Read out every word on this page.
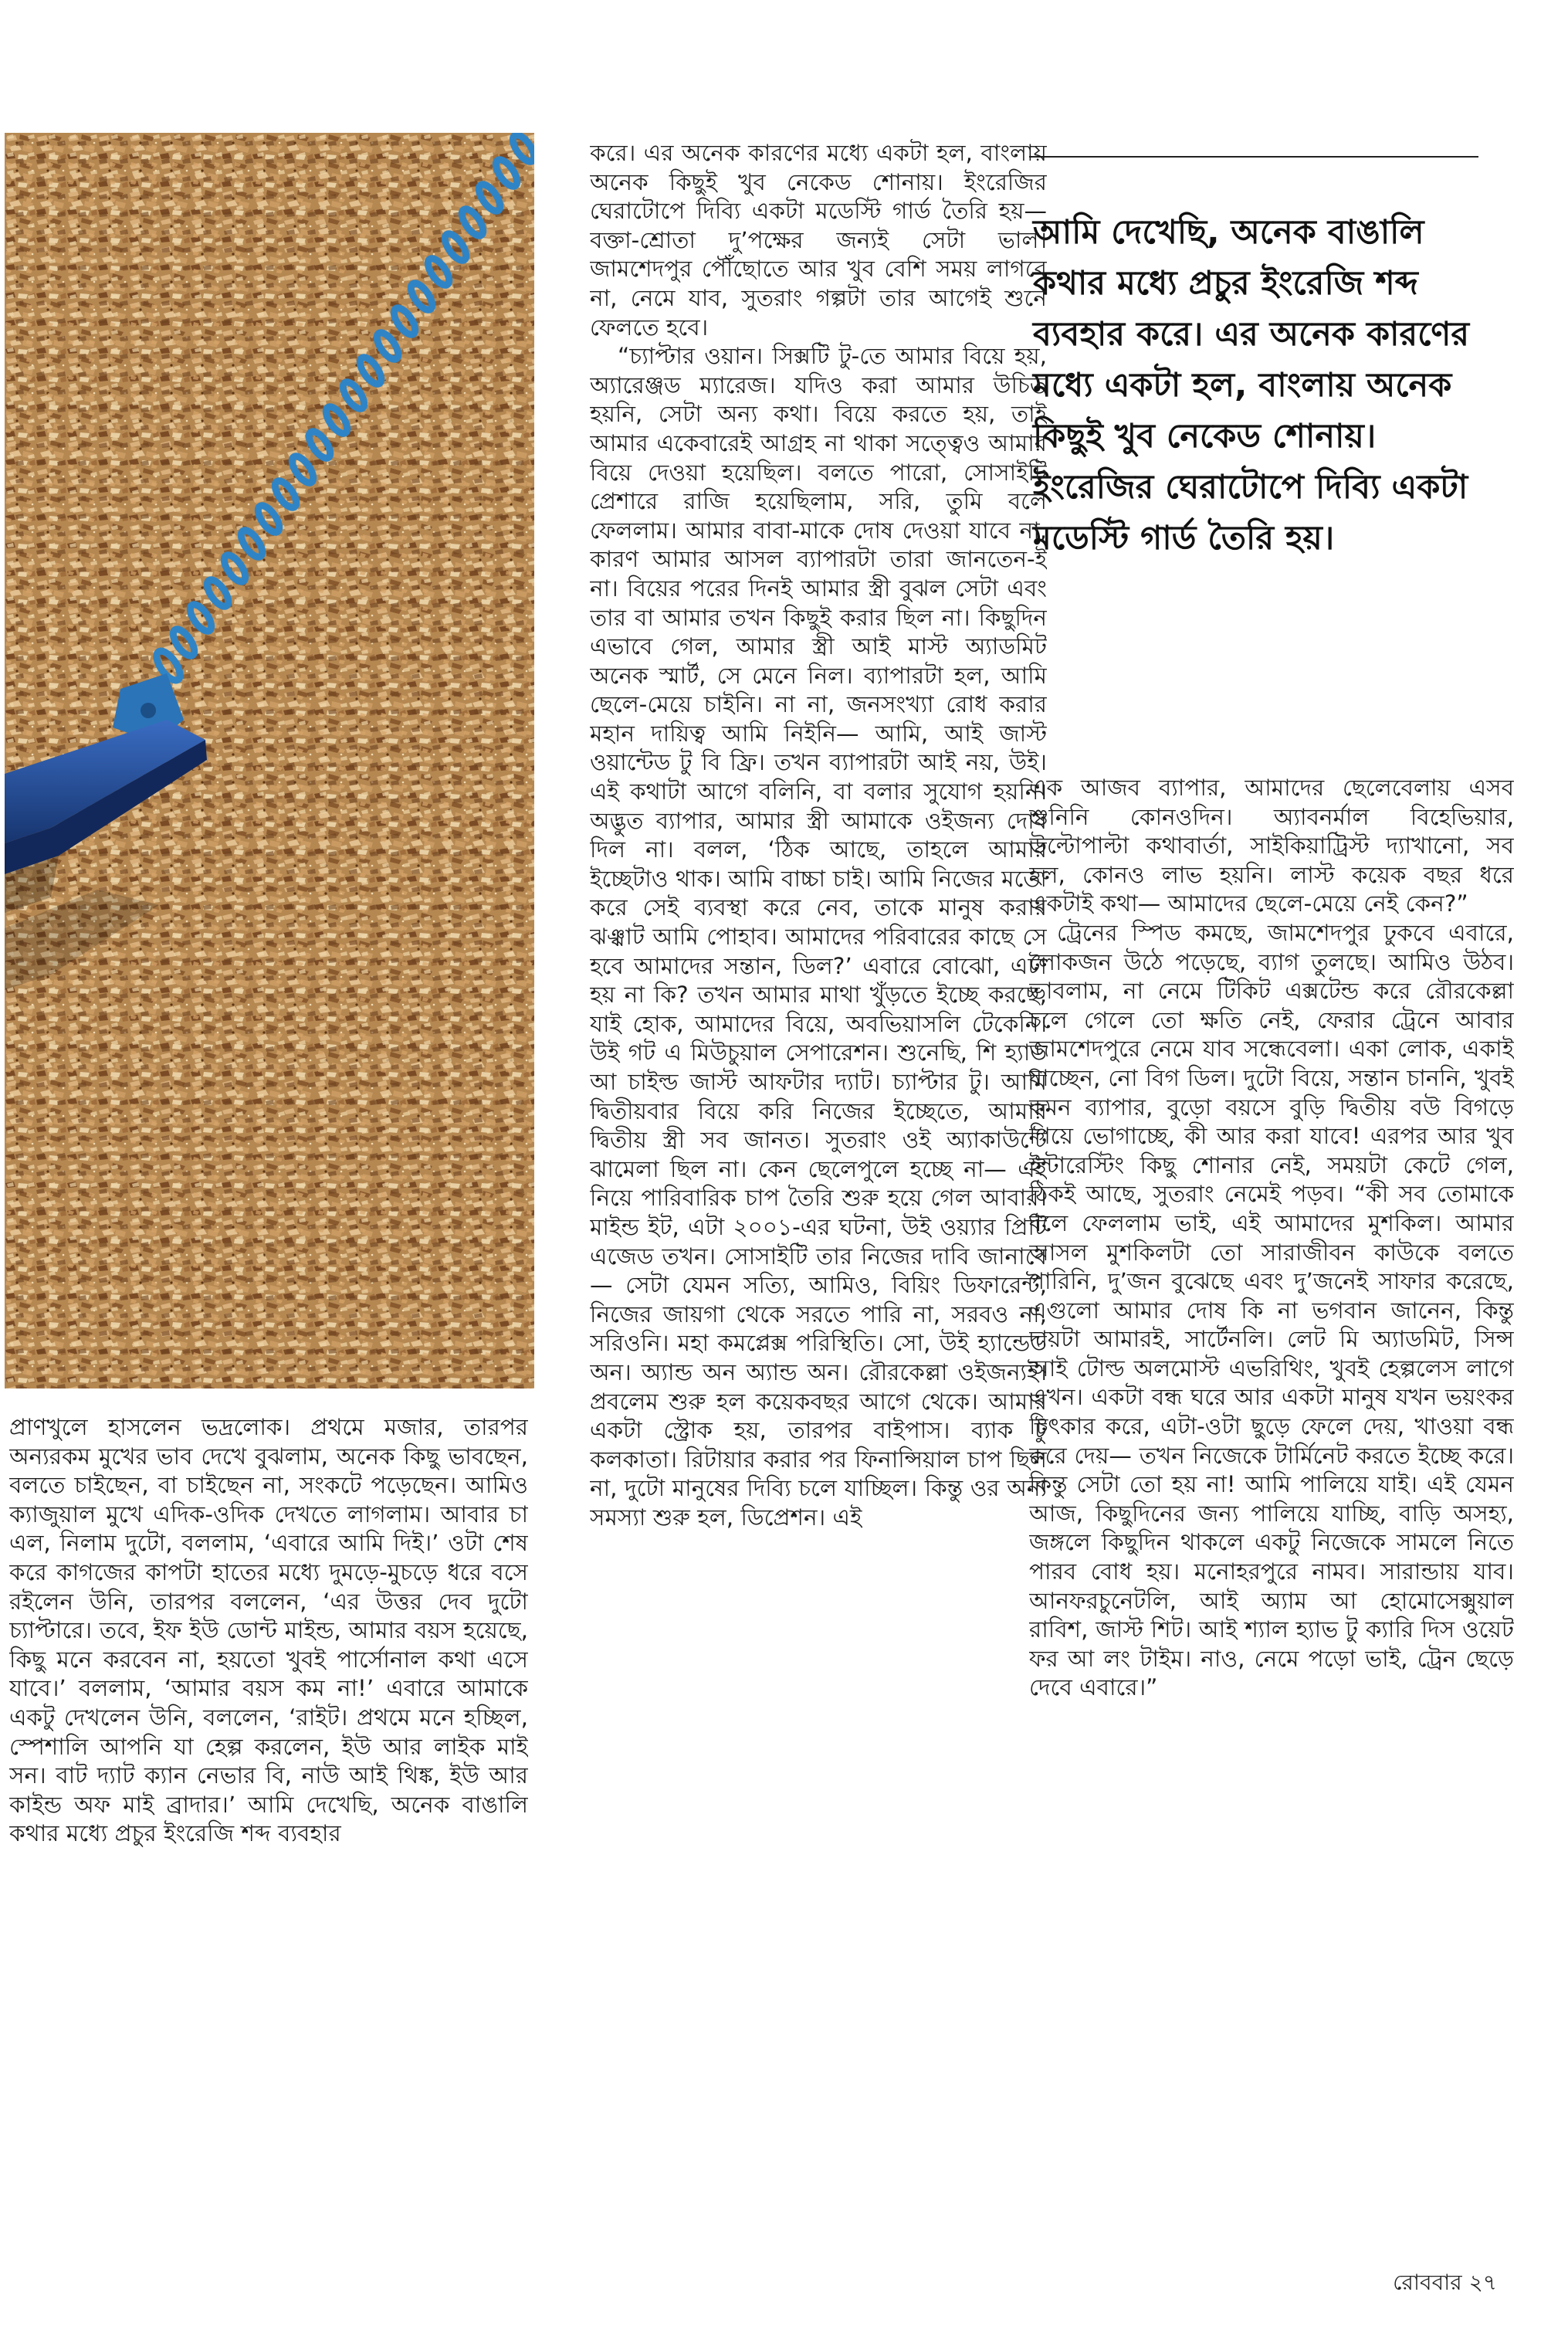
আমি দেখেছি, অনেক বাঙালি কথার মধ্যে প্রচুর ইংরেজি শব্দ ব্যবহার করে। এর অনেক কারণের মধ্যে একটা হল, বাংলায় অনেক কিছুই খুব নেকেড শোনায়। ইংরেজির ঘেরাটোপে দিব্যি একটা মডেস্টি গার্ড তৈরি হয়।

প্রাণখুলে হাসলেন ভদ্রলোক। প্রথমে মজার, তারপর অন্যরকম মুখের ভাব দেখে বুঝলাম, অনেক কিছু ভাবছেন, বলতে চাইছেন, বা চাইছেন না, সংকটে পড়েছেন। আমিও ক্যাজুয়াল মুখে এদিক-ওদিক দেখতে লাগলাম। আবার চা এল, নিলাম দুটো, বললাম, ‘এবারে আমি দিই।’ ওটা শেষ করে কাগজের কাপটা হাতের মধ্যে দুমড়ে-মুচড়ে ধরে বসে রইলেন উনি, তারপর বললেন, ‘এর উত্তর দেব দুটো চ্যাপ্টারে। তবে, ইফ ইউ ডোন্ট মাইন্ড, আমার বয়স হয়েছে, কিছু মনে করবেন না, হয়তো খুবই পার্সোনাল কথা এসে যাবে।’ বললাম, ‘আমার বয়স কম না!’ এবারে আমাকে একটু দেখলেন উনি, বললেন, ‘রাইট। প্রথমে মনে হচ্ছিল, স্পেশালি আপনি যা হেল্প করলেন, ইউ আর লাইক মাই সন। বাট দ্যাট ক্যান নেভার বি, নাউ আই থিঙ্ক, ইউ আর কাইন্ড অফ মাই ব্রাদার।’ আমি দেখেছি, অনেক বাঙালি কথার মধ্যে প্রচুর ইংরেজি শব্দ ব্যবহার

করে। এর অনেক কারণের মধ্যে একটা হল, বাংলায় অনেক কিছুই খুব নেকেড শোনায়। ইংরেজির ঘেরাটোপে দিব্যি একটা মডেস্টি গার্ড তৈরি হয়— বক্তা-শ্রোতা দু’পক্ষের জন্যই সেটা ভাল। জামশেদপুর পৌঁছোতে আর খুব বেশি সময় লাগবে না, নেমে যাব, সুতরাং গল্পটা তার আগেই শুনে ফেলতে হবে।

“চ্যাপ্টার ওয়ান। সিক্সটি টু-তে আমার বিয়ে হয়, অ্যারেঞ্জড ম্যারেজ। যদিও করা আমার উচিত হয়নি, সেটা অন্য কথা। বিয়ে করতে হয়, তাই আমার একেবারেই আগ্রহ না থাকা সত্ত্বেও আমার বিয়ে দেওয়া হয়েছিল। বলতে পারো, সোসাইটি প্রেশারে রাজি হয়েছিলাম, সরি, তুমি বলে ফেললাম। আমার বাবা-মাকে দোষ দেওয়া যাবে না, কারণ আমার আসল ব্যাপারটা তারা জানতেন-ই না। বিয়ের পরের দিনই আমার স্ত্রী বুঝল সেটা এবং তার বা আমার তখন কিছুই করার ছিল না। কিছুদিন এভাবে গেল, আমার স্ত্রী আই মাস্ট অ্যাডমিট অনেক স্মার্ট, সে মেনে নিল। ব্যাপারটা হল, আমি ছেলে-মেয়ে চাইনি। না না, জনসংখ্যা রোধ করার মহান দায়িত্ব আমি নিইনি— আমি, আই জাস্ট ওয়ান্টেড টু বি ফ্রি। তখন ব্যাপারটা আই নয়, উই। এই কথাটা আগে বলিনি, বা বলার সুযোগ হয়নি। অদ্ভুত ব্যাপার, আমার স্ত্রী আমাকে ওইজন্য দোষ দিল না। বলল, ‘ঠিক আছে, তাহলে আমার ইচ্ছেটাও থাক। আমি বাচ্চা চাই। আমি নিজের মতো করে সেই ব্যবস্থা করে নেব, তাকে মানুষ করার ঝঞ্ঝাট আমি পোহাব। আমাদের পরিবারের কাছে সে হবে আমাদের সন্তান, ডিল?’ এবারে বোঝো, এটা হয় না কি? তখন আমার মাথা খুঁড়তে ইচ্ছে করছে, যাই হোক, আমাদের বিয়ে, অবভিয়াসলি টেকেনি। উই গট এ মিউচুয়াল সেপারেশন। শুনেছি, শি হ্যাড আ চাইল্ড জাস্ট আফটার দ্যাট। চ্যাপ্টার টু। আমি দ্বিতীয়বার বিয়ে করি নিজের ইচ্ছেতে, আমার দ্বিতীয় স্ত্রী সব জানত। সুতরাং ওই অ্যাকাউন্টে ঝামেলা ছিল না। কেন ছেলেপুলে হচ্ছে না— এই নিয়ে পারিবারিক চাপ তৈরি শুরু হয়ে গেল আবার। মাইন্ড ইট, এটা ২০০১-এর ঘটনা, উই ওয়্যার প্রিটি এজেড তখন। সোসাইটি তার নিজের দাবি জানাবে— সেটা যেমন সত্যি, আমিও, বিয়িং ডিফারেন্ট, নিজের জায়গা থেকে সরতে পারি না, সরবও না, সরিওনি। মহা কমপ্লেক্স পরিস্থিতি। সো, উই হ্যান্ডেড অন। অ্যান্ড অন অ্যান্ড অন। রৌরকেল্লা ওইজন্যই। প্রবলেম শুরু হল কয়েকবছর আগে থেকে। আমার একটা স্ট্রোক হয়, তারপর বাইপাস। ব্যাক টু কলকাতা। রিটায়ার করার পর ফিনান্সিয়াল চাপ ছিল না, দুটো মানুষের দিব্যি চলে যাচ্ছিল। কিন্তু ওর অন্য সমস্যা শুরু হল, ডিপ্রেশন। এই

এক আজব ব্যাপার, আমাদের ছেলেবেলায় এসব শুনিনি কোনওদিন। অ্যাবনর্মাল বিহেভিয়ার, উল্টোপাল্টা কথাবার্তা, সাইকিয়াট্রিস্ট দ্যাখানো, সব হল, কোনও লাভ হয়নি। লাস্ট কয়েক বছর ধরে একটাই কথা— আমাদের ছেলে-মেয়ে নেই কেন?”

ট্রেনের স্পিড কমছে, জামশেদপুর ঢুকবে এবারে, লোকজন উঠে পড়েছে, ব্যাগ তুলছে। আমিও উঠব। ভাবলাম, না নেমে টিকিট এক্সটেন্ড করে রৌরকেল্লা চলে গেলে তো ক্ষতি নেই, ফেরার ট্রেনে আবার জামশেদপুরে নেমে যাব সন্ধেবেলা। একা লোক, একাই যাচ্ছেন, নো বিগ ডিল। দুটো বিয়ে, সন্তান চাননি, খুবই কমন ব্যাপার, বুড়ো বয়সে বুড়ি দ্বিতীয় বউ বিগড়ে গিয়ে ভোগাচ্ছে, কী আর করা যাবে! এরপর আর খুব ইন্টারেস্টিং কিছু শোনার নেই, সময়টা কেটে গেল, ঠিকই আছে, সুতরাং নেমেই পড়ব। “কী সব তোমাকে বলে ফেললাম ভাই, এই আমাদের মুশকিল। আমার আসল মুশকিলটা তো সারাজীবন কাউকে বলতে পারিনি, দু’জন বুঝেছে এবং দু’জনেই সাফার করেছে, এগুলো আমার দোষ কি না ভগবান জানেন, কিন্তু দায়টা আমারই, সার্টেনলি। লেট মি অ্যাডমিট, সিন্স আই টোল্ড অলমোস্ট এভরিথিং, খুবই হেল্পলেস লাগে এখন। একটা বন্ধ ঘরে আর একটা মানুষ যখন ভয়ংকর চিৎকার করে, এটা-ওটা ছুড়ে ফেলে দেয়, খাওয়া বন্ধ করে দেয়— তখন নিজেকে টার্মিনেট করতে ইচ্ছে করে। কিন্তু সেটা তো হয় না! আমি পালিয়ে যাই। এই যেমন আজ, কিছুদিনের জন্য পালিয়ে যাচ্ছি, বাড়ি অসহ্য, জঙ্গলে কিছুদিন থাকলে একটু নিজেকে সামলে নিতে পারব বোধ হয়। মনোহরপুরে নামব। সারান্ডায় যাব। আনফরচুনেটলি, আই অ্যাম আ হোমোসেক্সুয়াল রাবিশ, জাস্ট শিট। আই শ্যাল হ্যাভ টু ক্যারি দিস ওয়েট ফর আ লং টাইম। নাও, নেমে পড়ো ভাই, ট্রেন ছেড়ে দেবে এবারে।”

রোববার ২৭
